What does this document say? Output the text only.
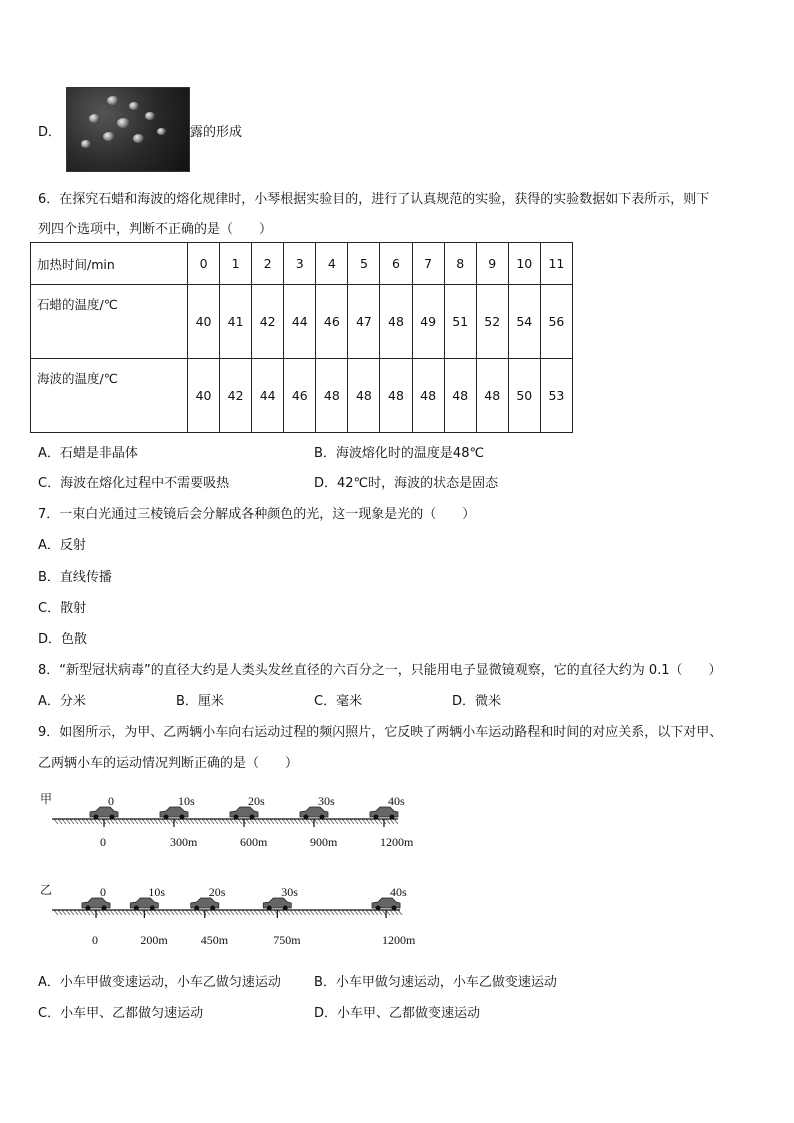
D．	露的形成
6．在探究石蜡和海波的熔化规律时，小琴根据实验目的，进行了认真规范的实验，获得的实验数据如下表所示，则下
列四个选项中，判断不正确的是（　　）
加热时间/min	0	1	2	3	4	5	6	7	8	9	10	11
石蜡的温度/℃	40	41	42	44	46	47	48	49	51	52	54	56
海波的温度/℃	40	42	44	46	48	48	48	48	48	48	50	53
A．石蜡是非晶体	B．海波熔化时的温度是48℃
C．海波在熔化过程中不需要吸热	D．42℃时，海波的状态是固态
7．一束白光通过三棱镜后会分解成各种颜色的光，这一现象是光的（　　）
A．反射
B．直线传播
C．散射
D．色散
8．“新型冠状病毒”的直径大约是人类头发丝直径的六百分之一，只能用电子显微镜观察，它的直径大约为 0.1（　　）
A．分米	B．厘米	C．毫米	D．微米
9．如图所示，为甲、乙两辆小车向右运动过程的频闪照片，它反映了两辆小车运动路程和时间的对应关系，以下对甲、
乙两辆小车的运动情况判断正确的是（　　）
甲	0
0
10s
300m
20s
600m
30s
900m
40s
1200m
乙	0
0
10s
200m
20s
450m
30s
750m
40s
1200m
A．小车甲做变速运动，小车乙做匀速运动	B．小车甲做匀速运动，小车乙做变速运动
C．小车甲、乙都做匀速运动	D．小车甲、乙都做变速运动
